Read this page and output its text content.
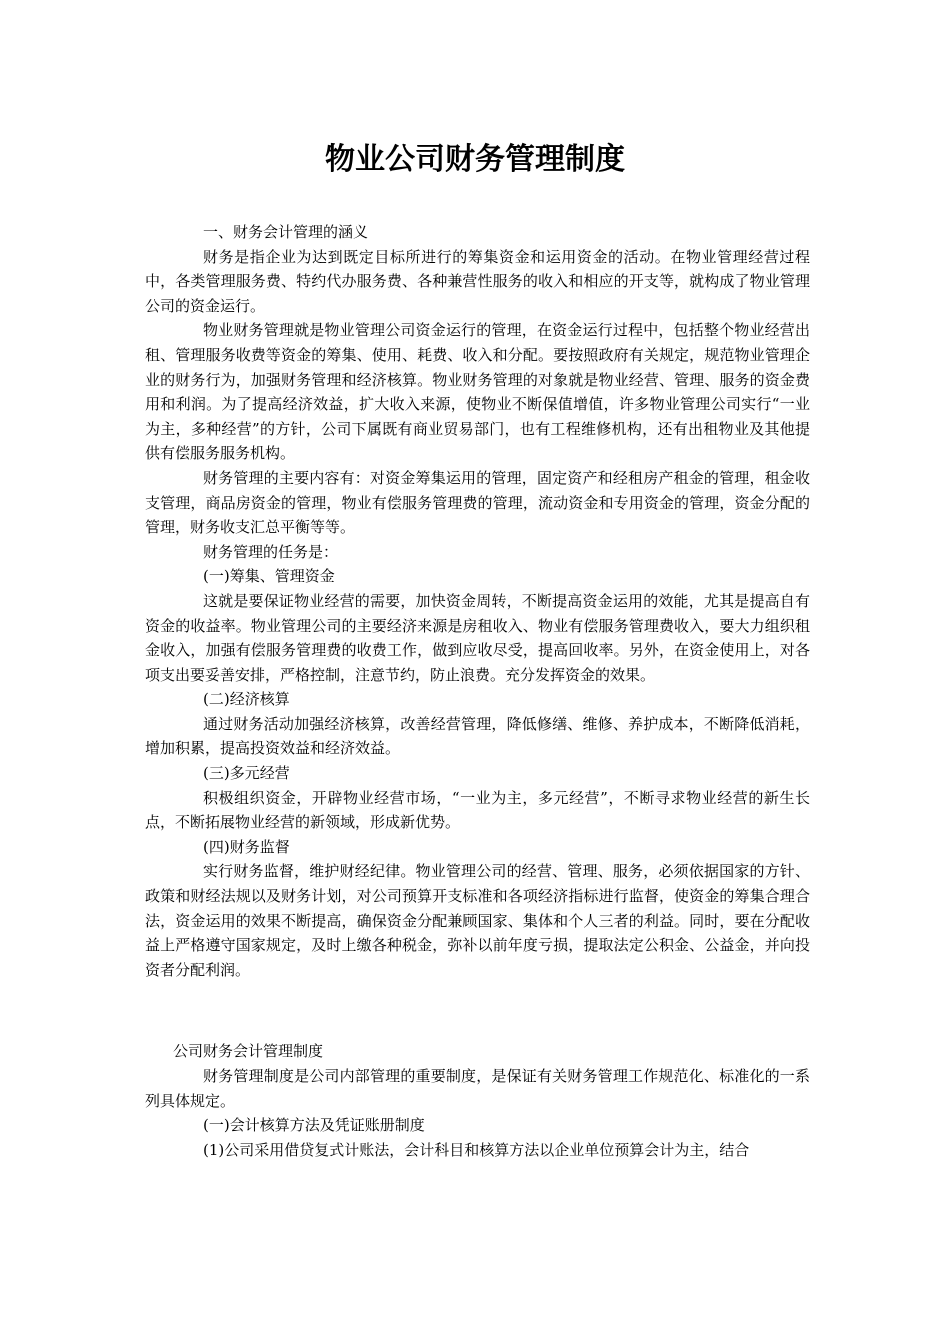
物业公司财务管理制度

一、财务会计管理的涵义

财务是指企业为达到既定目标所进行的筹集资金和运用资金的活动。在物业管理经营过程中，各类管理服务费、特约代办服务费、各种兼营性服务的收入和相应的开支等，就构成了物业管理公司的资金运行。

物业财务管理就是物业管理公司资金运行的管理，在资金运行过程中，包括整个物业经营出租、管理服务收费等资金的筹集、使用、耗费、收入和分配。要按照政府有关规定，规范物业管理企业的财务行为，加强财务管理和经济核算。物业财务管理的对象就是物业经营、管理、服务的资金费用和利润。为了提高经济效益，扩大收入来源，使物业不断保值增值，许多物业管理公司实行“一业为主，多种经营”的方针，公司下属既有商业贸易部门，也有工程维修机构，还有出租物业及其他提供有偿服务服务机构。

财务管理的主要内容有：对资金筹集运用的管理，固定资产和经租房产租金的管理，租金收支管理，商品房资金的管理，物业有偿服务管理费的管理，流动资金和专用资金的管理，资金分配的管理，财务收支汇总平衡等等。

财务管理的任务是：

(一)筹集、管理资金

这就是要保证物业经营的需要，加快资金周转，不断提高资金运用的效能，尤其是提高自有资金的收益率。物业管理公司的主要经济来源是房租收入、物业有偿服务管理费收入，要大力组织租金收入，加强有偿服务管理费的收费工作，做到应收尽受，提高回收率。另外，在资金使用上，对各项支出要妥善安排，严格控制，注意节约，防止浪费。充分发挥资金的效果。

(二)经济核算

通过财务活动加强经济核算，改善经营管理，降低修缮、维修、养护成本，不断降低消耗，增加积累，提高投资效益和经济效益。

(三)多元经营

积极组织资金，开辟物业经营市场，“一业为主，多元经营”，不断寻求物业经营的新生长点，不断拓展物业经营的新领域，形成新优势。

(四)财务监督

实行财务监督，维护财经纪律。物业管理公司的经营、管理、服务，必须依据国家的方针、政策和财经法规以及财务计划，对公司预算开支标准和各项经济指标进行监督，使资金的筹集合理合法，资金运用的效果不断提高，确保资金分配兼顾国家、集体和个人三者的利益。同时，要在分配收益上严格遵守国家规定，及时上缴各种税金，弥补以前年度亏损，提取法定公积金、公益金，并向投资者分配利润。

公司财务会计管理制度

财务管理制度是公司内部管理的重要制度，是保证有关财务管理工作规范化、标准化的一系列具体规定。

(一)会计核算方法及凭证账册制度

(1)公司采用借贷复式计账法，会计科目和核算方法以企业单位预算会计为主，结合
